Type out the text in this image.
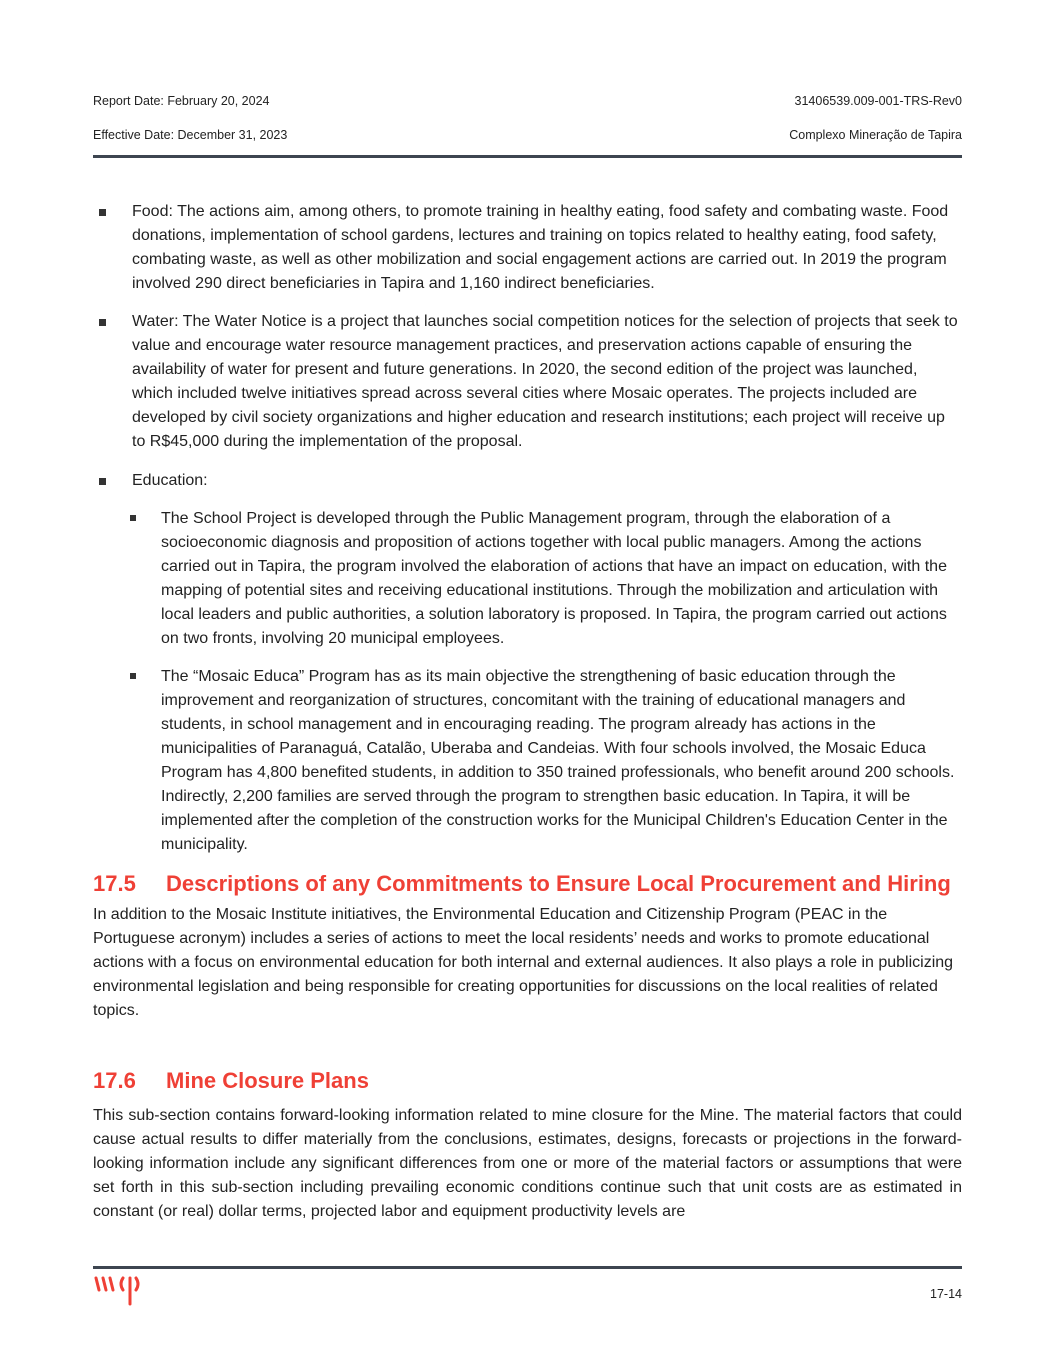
Report Date: February 20, 2024	31406539.009-001-TRS-Rev0
Effective Date: December 31, 2023	Complexo Mineração de Tapira
Food: The actions aim, among others, to promote training in healthy eating, food safety and combating waste. Food donations, implementation of school gardens, lectures and training on topics related to healthy eating, food safety, combating waste, as well as other mobilization and social engagement actions are carried out. In 2019 the program involved 290 direct beneficiaries in Tapira and 1,160 indirect beneficiaries.
Water: The Water Notice is a project that launches social competition notices for the selection of projects that seek to value and encourage water resource management practices, and preservation actions capable of ensuring the availability of water for present and future generations. In 2020, the second edition of the project was launched, which included twelve initiatives spread across several cities where Mosaic operates. The projects included are developed by civil society organizations and higher education and research institutions; each project will receive up to R$45,000 during the implementation of the proposal.
Education:
The School Project is developed through the Public Management program, through the elaboration of a socioeconomic diagnosis and proposition of actions together with local public managers. Among the actions carried out in Tapira, the program involved the elaboration of actions that have an impact on education, with the mapping of potential sites and receiving educational institutions. Through the mobilization and articulation with local leaders and public authorities, a solution laboratory is proposed. In Tapira, the program carried out actions on two fronts, involving 20 municipal employees.
The “Mosaic Educa” Program has as its main objective the strengthening of basic education through the improvement and reorganization of structures, concomitant with the training of educational managers and students, in school management and in encouraging reading. The program already has actions in the municipalities of Paranaguá, Catalão, Uberaba and Candeias. With four schools involved, the Mosaic Educa Program has 4,800 benefited students, in addition to 350 trained professionals, who benefit around 200 schools. Indirectly, 2,200 families are served through the program to strengthen basic education. In Tapira, it will be implemented after the completion of the construction works for the Municipal Children's Education Center in the municipality.
17.5 Descriptions of any Commitments to Ensure Local Procurement and Hiring
In addition to the Mosaic Institute initiatives, the Environmental Education and Citizenship Program (PEAC in the Portuguese acronym) includes a series of actions to meet the local residents’ needs and works to promote educational actions with a focus on environmental education for both internal and external audiences. It also plays a role in publicizing environmental legislation and being responsible for creating opportunities for discussions on the local realities of related topics.
17.6 Mine Closure Plans
This sub-section contains forward-looking information related to mine closure for the Mine. The material factors that could cause actual results to differ materially from the conclusions, estimates, designs, forecasts or projections in the forward-looking information include any significant differences from one or more of the material factors or assumptions that were set forth in this sub-section including prevailing economic conditions continue such that unit costs are as estimated in constant (or real) dollar terms, projected labor and equipment productivity levels are
17-14
